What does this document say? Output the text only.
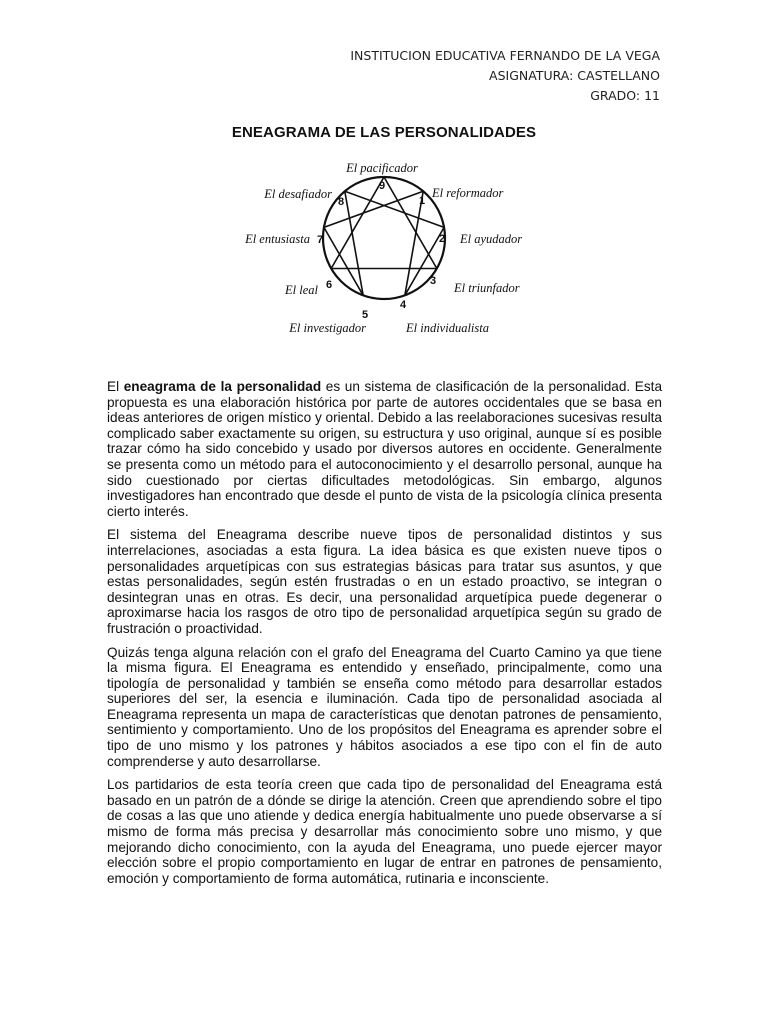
INSTITUCION EDUCATIVA FERNANDO DE LA VEGA
ASIGNATURA: CASTELLANO
GRADO: 11
ENEAGRAMA DE LAS PERSONALIDADES
1
El reformador
2 El ayudador
3 El triunfador
4
El individualista
5
El investigador
6
El leal
7
El entusiasta
8
El desafiador
9
El pacificador

El eneagrama de la personalidad es un sistema de clasificación de la personalidad. Esta propuesta es una elaboración histórica por parte de autores occidentales que se basa en ideas anteriores de origen místico y oriental. Debido a las reelaboraciones sucesivas resulta complicado saber exactamente su origen, su estructura y uso original, aunque sí es posible trazar cómo ha sido concebido y usado por diversos autores en occidente. Generalmente se presenta como un método para el autoconocimiento y el desarrollo personal, aunque ha sido cuestionado por ciertas dificultades metodológicas. Sin embargo, algunos investigadores han encontrado que desde el punto de vista de la psicología clínica presenta cierto interés.

El sistema del Eneagrama describe nueve tipos de personalidad distintos y sus interrelaciones, asociadas a esta figura. La idea básica es que existen nueve tipos o personalidades arquetípicas con sus estrategias básicas para tratar sus asuntos, y que estas personalidades, según estén frustradas o en un estado proactivo, se integran o desintegran unas en otras. Es decir, una personalidad arquetípica puede degenerar o aproximarse hacia los rasgos de otro tipo de personalidad arquetípica según su grado de frustración o proactividad.

Quizás tenga alguna relación con el grafo del Eneagrama del Cuarto Camino ya que tiene la misma figura. El Eneagrama es entendido y enseñado, principalmente, como una tipología de personalidad y también se enseña como método para desarrollar estados superiores del ser, la esencia e iluminación. Cada tipo de personalidad asociada al Eneagrama representa un mapa de características que denotan patrones de pensamiento, sentimiento y comportamiento. Uno de los propósitos del Eneagrama es aprender sobre el tipo de uno mismo y los patrones y hábitos asociados a ese tipo con el fin de auto comprenderse y auto desarrollarse.

Los partidarios de esta teoría creen que cada tipo de personalidad del Eneagrama está basado en un patrón de a dónde se dirige la atención. Creen que aprendiendo sobre el tipo de cosas a las que uno atiende y dedica energía habitualmente uno puede observarse a sí mismo de forma más precisa y desarrollar más conocimiento sobre uno mismo, y que mejorando dicho conocimiento, con la ayuda del Eneagrama, uno puede ejercer mayor elección sobre el propio comportamiento en lugar de entrar en patrones de pensamiento, emoción y comportamiento de forma automática, rutinaria e inconsciente.
